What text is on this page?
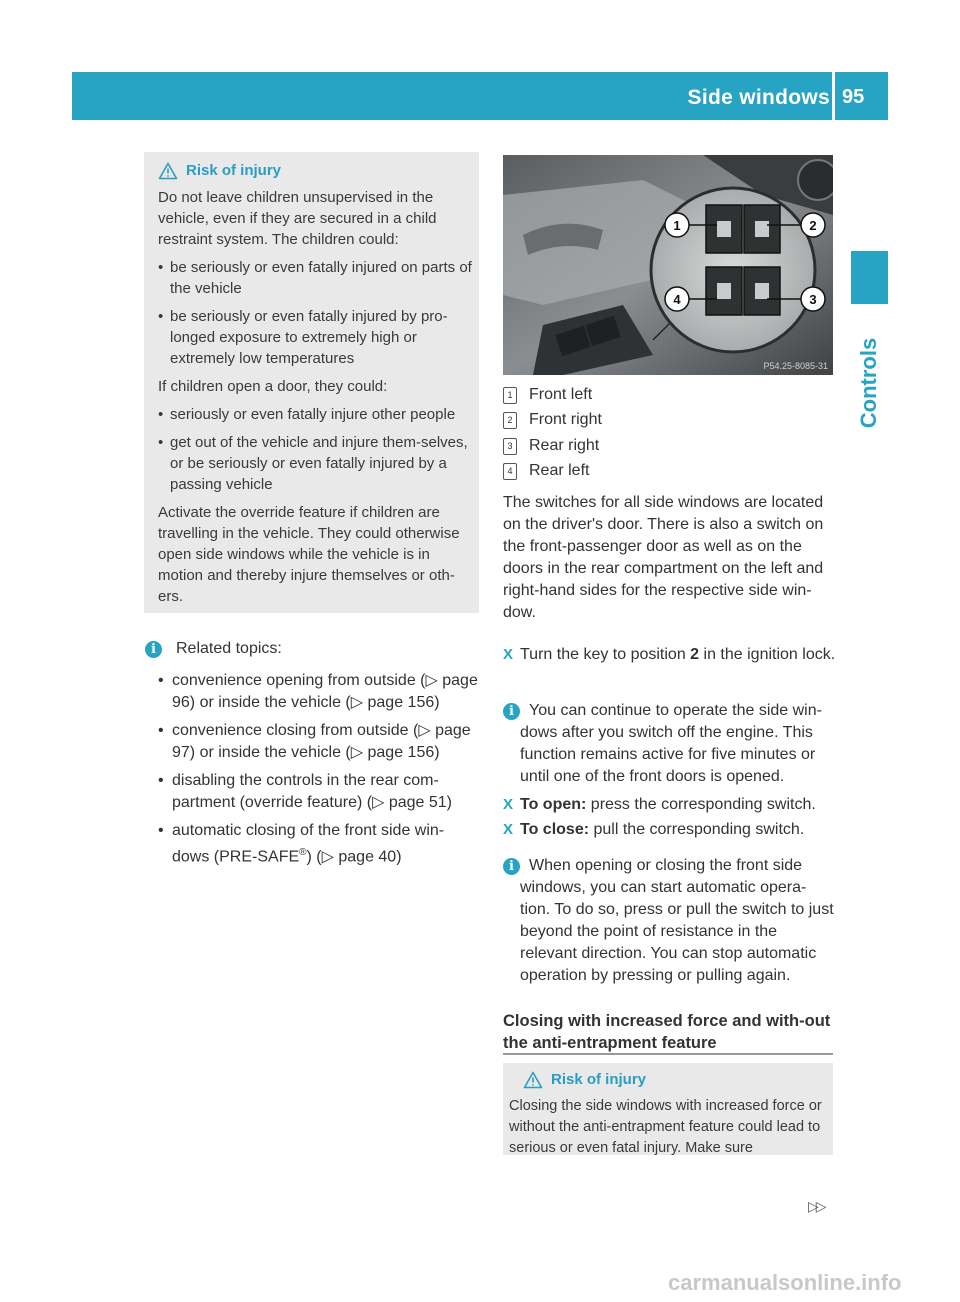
Side windows 95
Controls
Risk of injury

Do not leave children unsupervised in the vehicle, even if they are secured in a child restraint system. The children could:

• be seriously or even fatally injured on parts of the vehicle

• be seriously or even fatally injured by pro-longed exposure to extremely high or extremely low temperatures

If children open a door, they could:

• seriously or even fatally injure other people

• get out of the vehicle and injure them-selves, or be seriously or even fatally injured by a passing vehicle

Activate the override feature if children are travelling in the vehicle. They could otherwise open side windows while the vehicle is in motion and thereby injure themselves or oth-ers.

i	Related topics:

• convenience opening from outside (▷ page 96) or inside the vehicle (▷ page 156)

• convenience closing from outside (▷ page 97) or inside the vehicle (▷ page 156)

• disabling the controls in the rear com-partment (override feature) (▷ page 51)

• automatic closing of the front side win-dows (PRE-SAFE®) (▷ page 40)

1	2
3
4
P54.25-8085-31
1 Front left
2 Front right
3 Rear right
4 Rear left
The switches for all side windows are located on the driver's door. There is also a switch on the front-passenger door as well as on the doors in the rear compartment on the left and right-hand sides for the respective side win-dow.
X Turn the key to position 2 in the ignition lock.
i You can continue to operate the side win-dows after you switch off the engine. This function remains active for five minutes or until one of the front doors is opened.
X To open: press the corresponding switch.
X To close: pull the corresponding switch.
i When opening or closing the front side windows, you can start automatic opera-tion. To do so, press or pull the switch to just beyond the point of resistance in the relevant direction. You can stop automatic operation by pressing or pulling again.
Closing with increased force and with-out the anti-entrapment feature
Risk of injury

Closing the side windows with increased force or without the anti-entrapment feature could lead to serious or even fatal injury. Make sure

▷▷
carmanualsonline.info
